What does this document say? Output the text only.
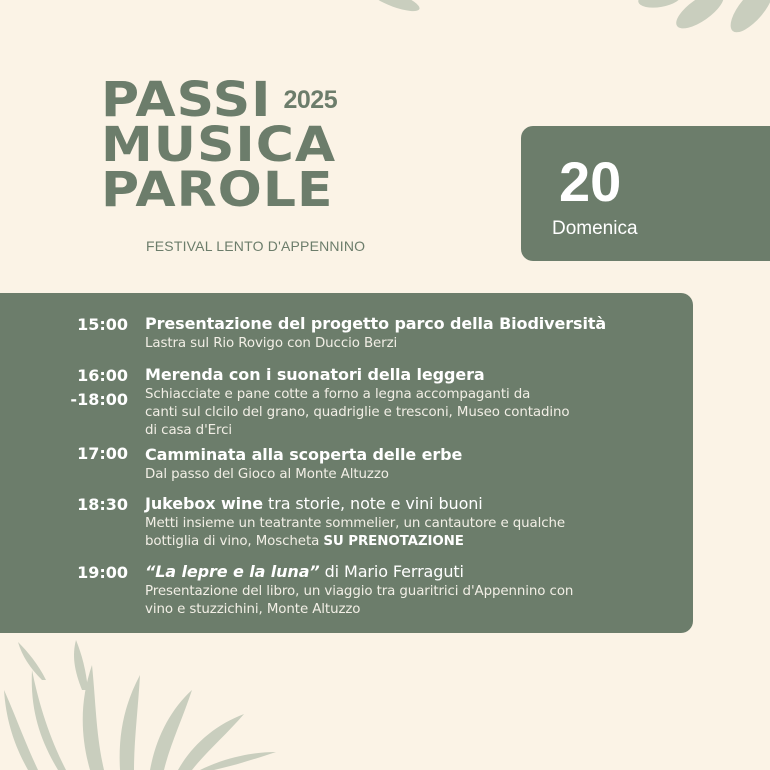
PASSI 2025
MUSICA
PAROLE
FESTIVAL LENTO D'APPENNINO
20
Domenica
15:00 Presentazione del progetto parco della Biodiversità
Lastra sul Rio Rovigo con Duccio Berzi
16:00
-18:00
Merenda con i suonatori della leggera
Schiacciate e pane cotte a forno a legna accompaganti da
canti sul clcilo del grano, quadriglie e tresconi, Museo contadino
di casa d'Erci
17:00 Camminata alla scoperta delle erbe
Dal passo del Gioco al Monte Altuzzo
18:30 Jukebox wine tra storie, note e vini buoni
Metti insieme un teatrante sommelier, un cantautore e qualche
bottiglia di vino, Moscheta SU PRENOTAZIONE
19:00 “La lepre e la luna” di Mario Ferraguti
Presentazione del libro, un viaggio tra guaritrici d'Appennino con
vino e stuzzichini, Monte Altuzzo
